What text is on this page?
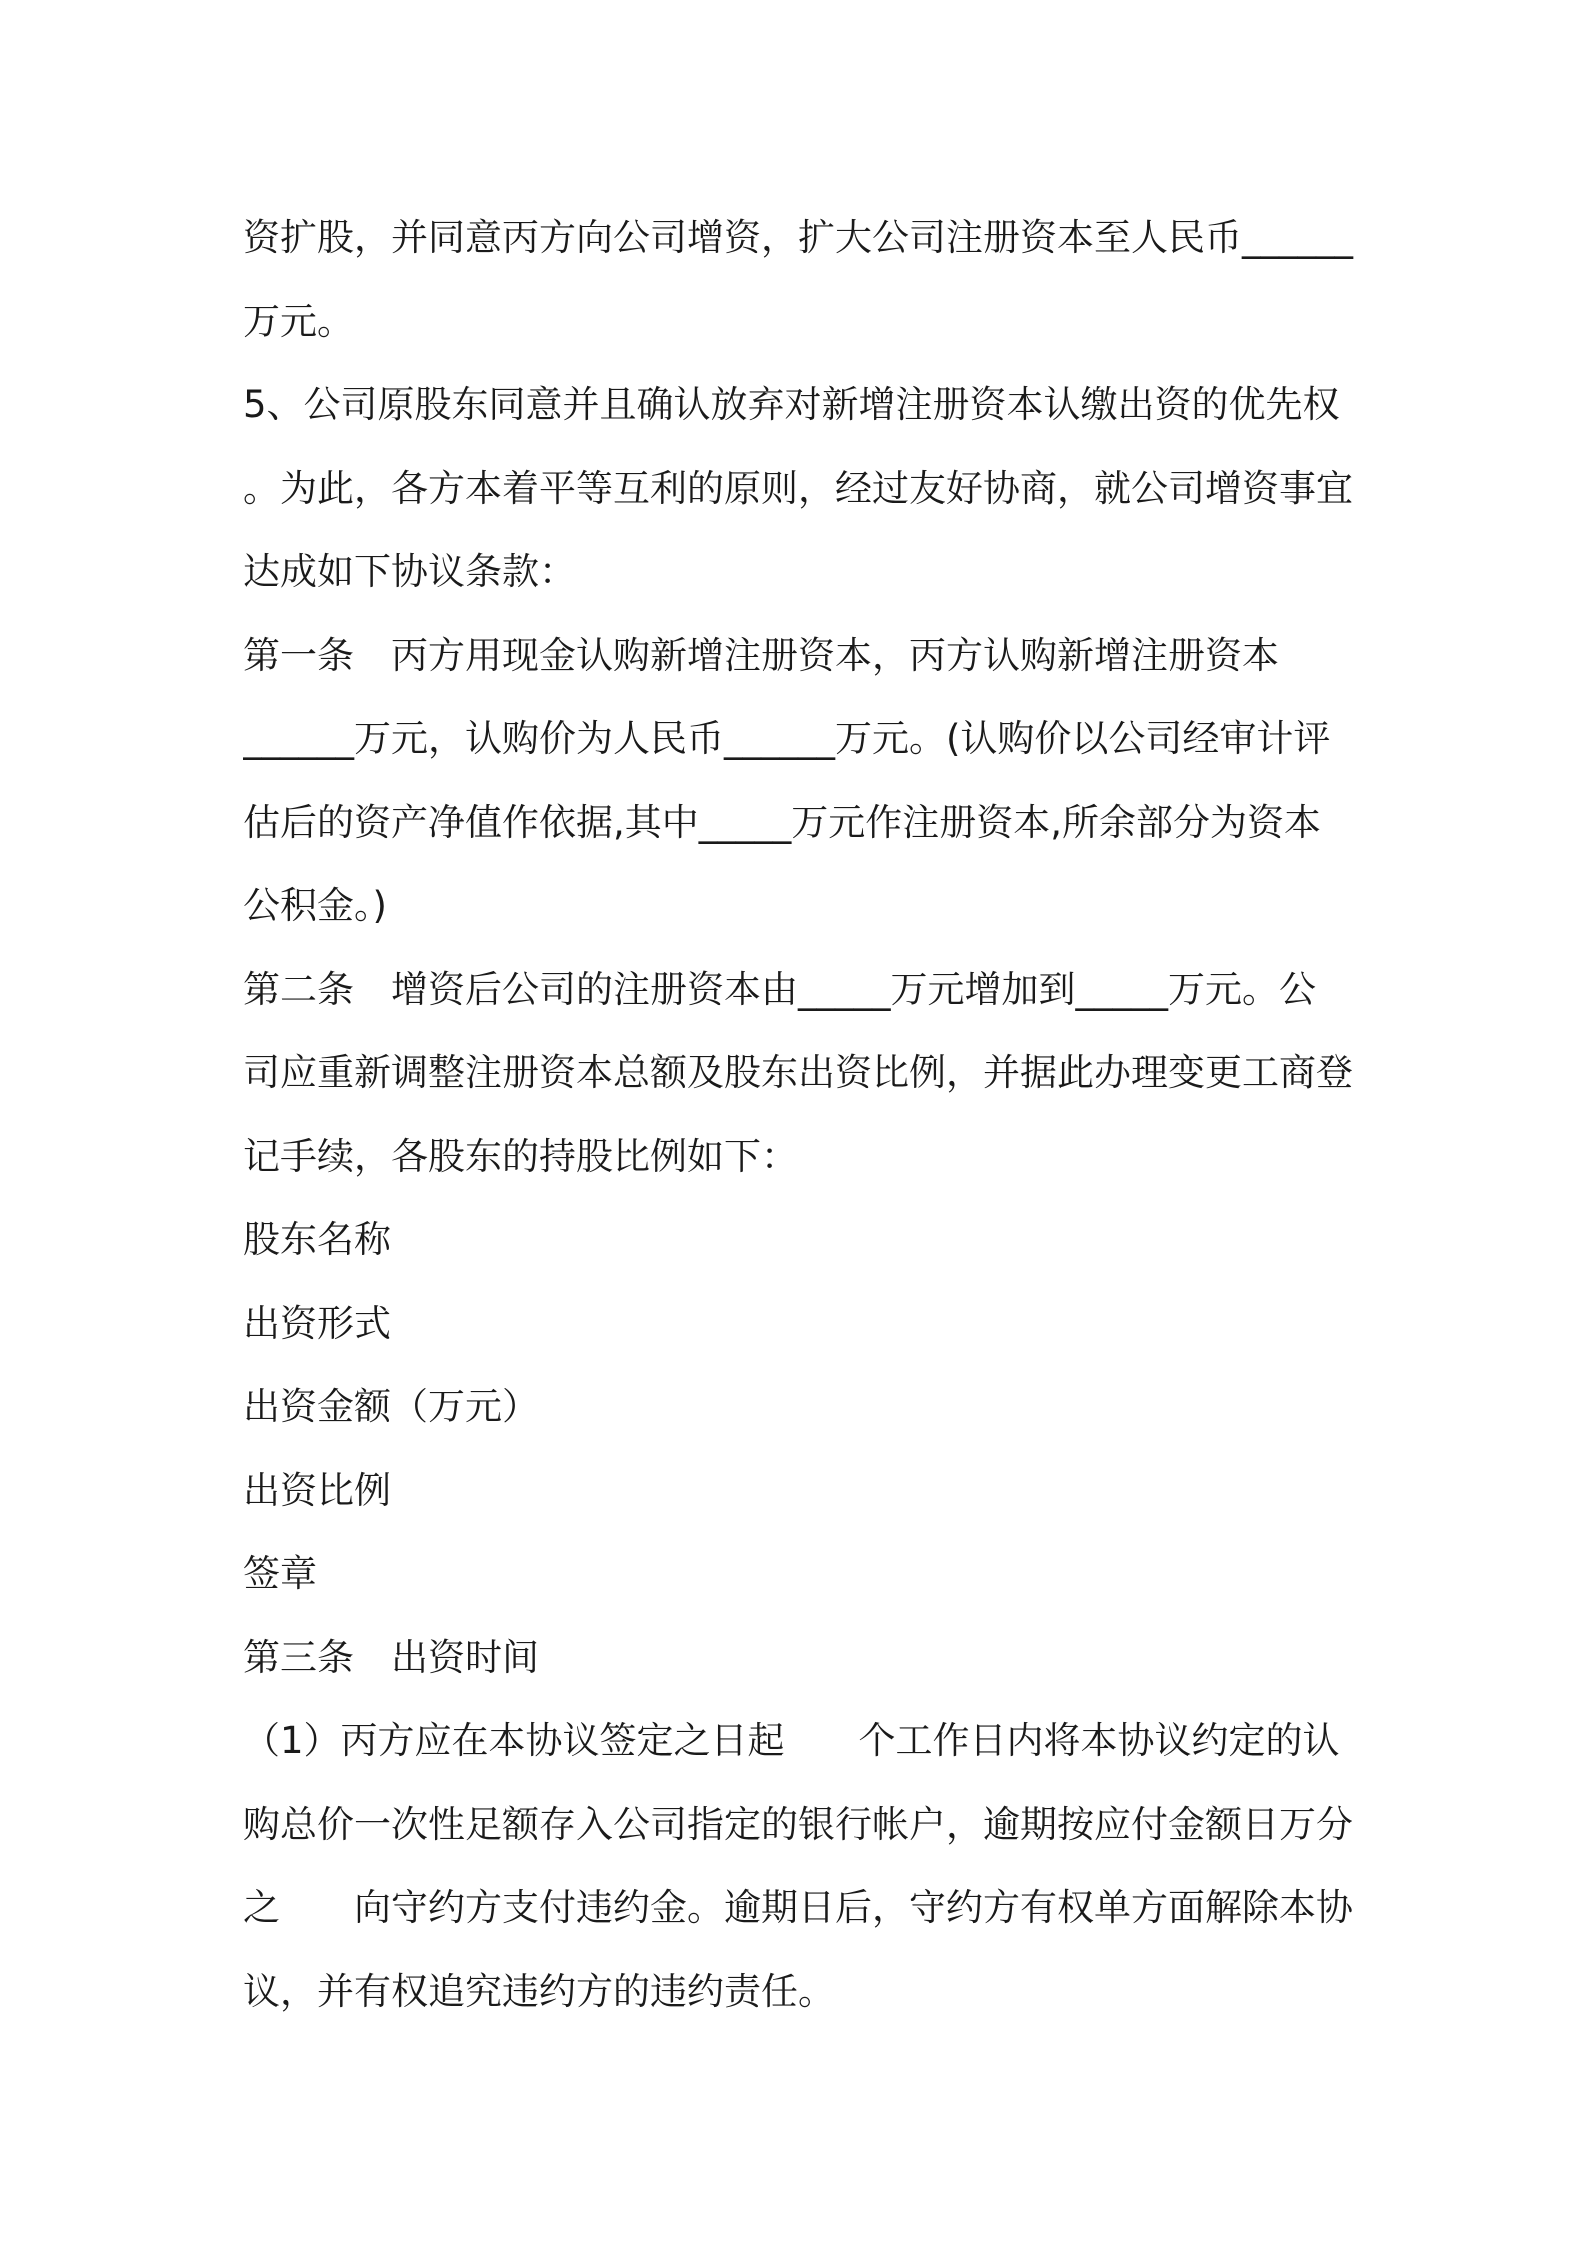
资扩股，并同意丙方向公司增资，扩大公司注册资本至人民币______
万元。
5、公司原股东同意并且确认放弃对新增注册资本认缴出资的优先权
。为此，各方本着平等互利的原则，经过友好协商，就公司增资事宜
达成如下协议条款：
第一条　丙方用现金认购新增注册资本，丙方认购新增注册资本
______万元，认购价为人民币______万元。(认购价以公司经审计评
估后的资产净值作依据,其中_____万元作注册资本,所余部分为资本
公积金。)
第二条　增资后公司的注册资本由_____万元增加到_____万元。公
司应重新调整注册资本总额及股东出资比例，并据此办理变更工商登
记手续，各股东的持股比例如下：
股东名称
出资形式
出资金额（万元）
出资比例
签章
第三条　出资时间
（1）丙方应在本协议签定之日起　　个工作日内将本协议约定的认
购总价一次性足额存入公司指定的银行帐户，逾期按应付金额日万分
之　　向守约方支付违约金。逾期日后，守约方有权单方面解除本协
议，并有权追究违约方的违约责任。
